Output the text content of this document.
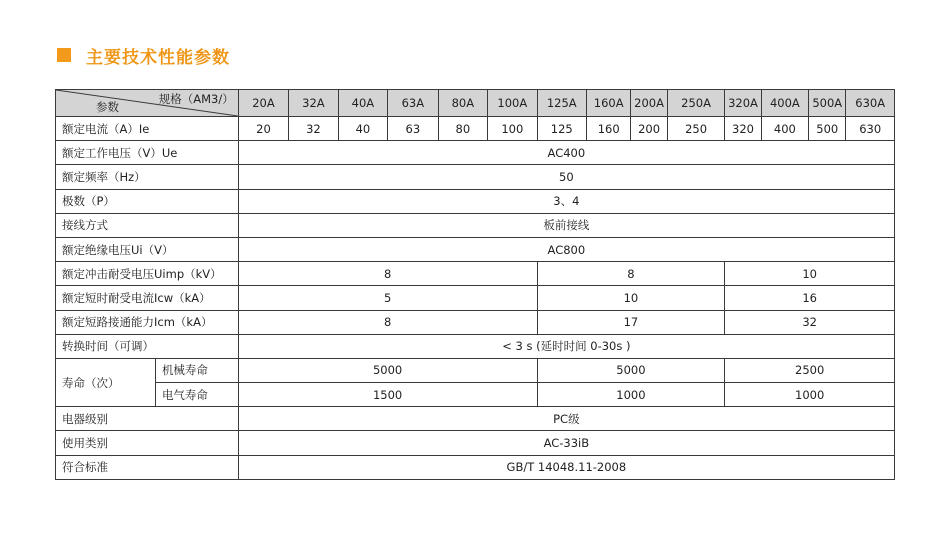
主要技术性能参数
规格（AM3/）
参数		20A	32A	40A	63A	80A	100A	125A	160A	200A	250A	320A	400A	500A	630A
额定电流（A）Ie		20	32	40	63	80	100	125	160	200	250	320	400	500	630
额定工作电压（V）Ue		AC400													
额定频率（Hz）		50													
极数（P）		3、4													
接线方式		板前接线													
额定绝缘电压Ui（V）		AC800													
额定冲击耐受电压Uimp（kV）		8						8				10			
额定短时耐受电流Icw（kA）		5						10				16			
额定短路接通能力Icm（kA）		8						17				32			
转换时间（可调）		< 3 s (延时时间 0-30s )													
寿命（次）	机械寿命	5000						5000				2500			
	电气寿命	1500						1000				1000			
电器级别		PC级													
使用类别		AC-33iB													
符合标准		GB/T 14048.11-2008													
